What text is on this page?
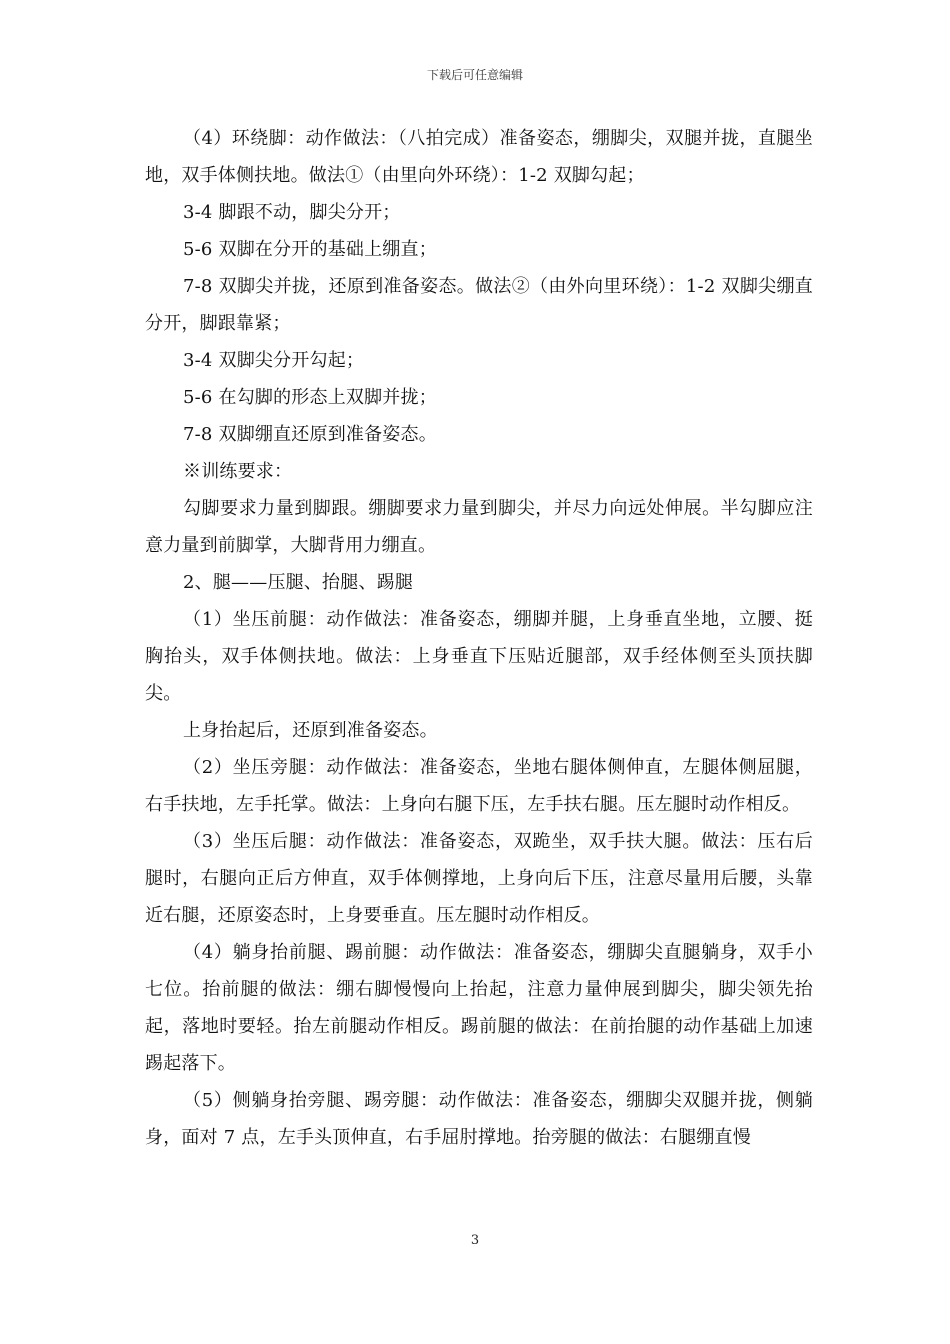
下载后可任意编辑

（4）环绕脚：动作做法：（八拍完成）准备姿态，绷脚尖，双腿并拢，直腿坐地，双手体侧扶地。做法①（由里向外环绕）：1-2 双脚勾起；

3-4 脚跟不动，脚尖分开；

5-6 双脚在分开的基础上绷直；

7-8 双脚尖并拢，还原到准备姿态。做法②（由外向里环绕）：1-2 双脚尖绷直分开，脚跟靠紧；

3-4 双脚尖分开勾起；

5-6 在勾脚的形态上双脚并拢；

7-8 双脚绷直还原到准备姿态。

※训练要求：

勾脚要求力量到脚跟。绷脚要求力量到脚尖，并尽力向远处伸展。半勾脚应注意力量到前脚掌，大脚背用力绷直。

2、腿——压腿、抬腿、踢腿

（1）坐压前腿：动作做法：准备姿态，绷脚并腿，上身垂直坐地，立腰、挺胸抬头，双手体侧扶地。做法：上身垂直下压贴近腿部，双手经体侧至头顶扶脚尖。

上身抬起后，还原到准备姿态。

（2）坐压旁腿：动作做法：准备姿态，坐地右腿体侧伸直，左腿体侧屈腿，右手扶地，左手托掌。做法：上身向右腿下压，左手扶右腿。压左腿时动作相反。

（3）坐压后腿：动作做法：准备姿态，双跪坐，双手扶大腿。做法：压右后腿时，右腿向正后方伸直，双手体侧撑地，上身向后下压，注意尽量用后腰，头靠近右腿，还原姿态时，上身要垂直。压左腿时动作相反。

（4）躺身抬前腿、踢前腿：动作做法：准备姿态，绷脚尖直腿躺身，双手小七位。抬前腿的做法：绷右脚慢慢向上抬起，注意力量伸展到脚尖，脚尖领先抬起，落地时要轻。抬左前腿动作相反。踢前腿的做法：在前抬腿的动作基础上加速踢起落下。

（5）侧躺身抬旁腿、踢旁腿：动作做法：准备姿态，绷脚尖双腿并拢，侧躺身，面对 7 点，左手头顶伸直，右手屈肘撑地。抬旁腿的做法：右腿绷直慢

3
